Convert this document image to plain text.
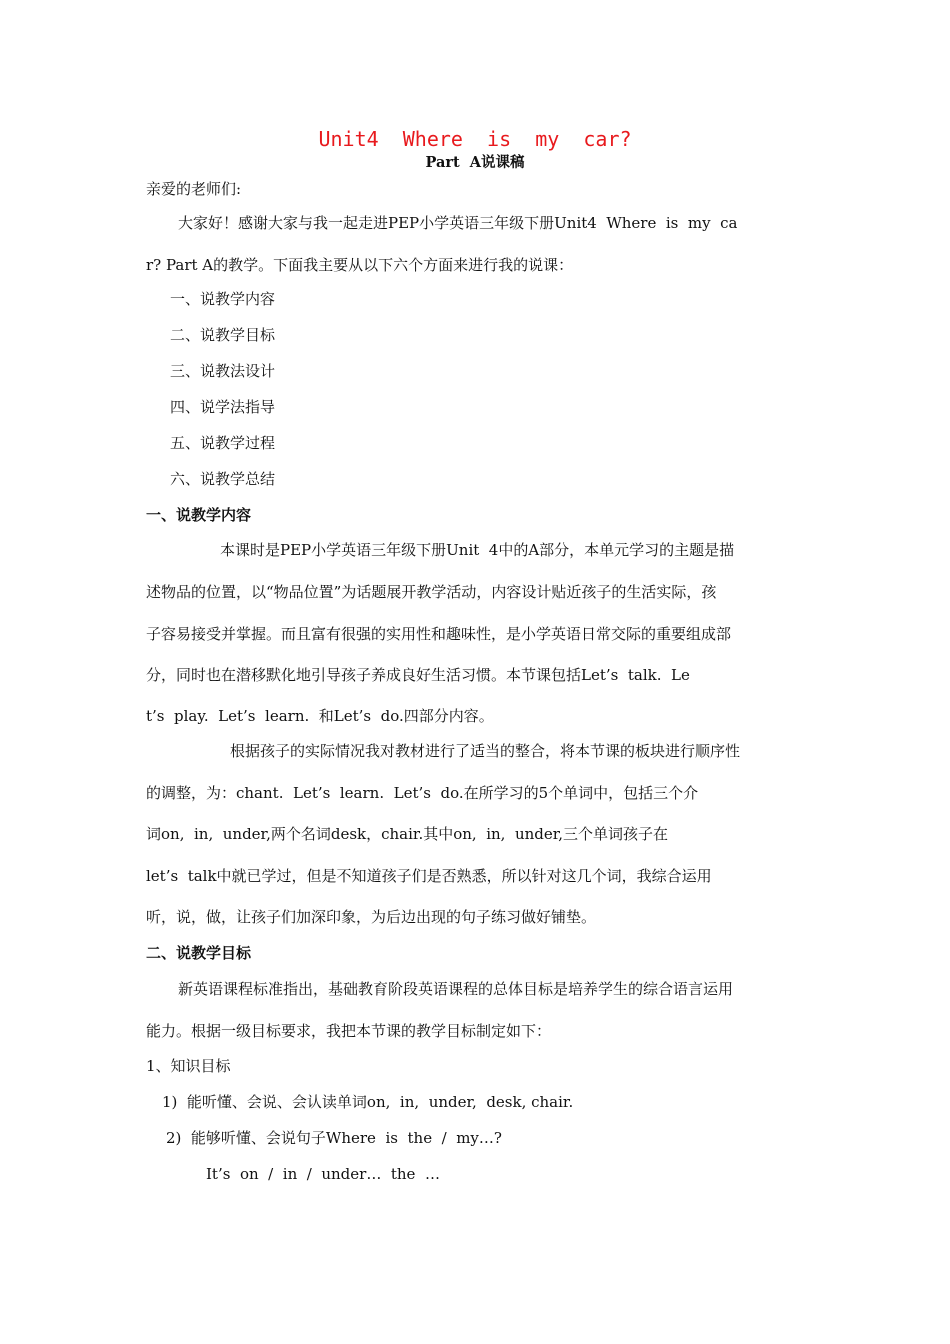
Unit4  Where  is  my  car?
Part  A说课稿
亲爱的老师们:
大家好！感谢大家与我一起走进PEP小学英语三年级下册Unit4  Where  is  my  ca
r? Part A的教学。下面我主要从以下六个方面来进行我的说课：
一、说教学内容
二、说教学目标
三、说教法设计
四、说学法指导
五、说教学过程
六、说教学总结
一、说教学内容
本课时是PEP小学英语三年级下册Unit  4中的A部分，本单元学习的主题是描
述物品的位置，以“物品位置”为话题展开教学活动，内容设计贴近孩子的生活实际，孩
子容易接受并掌握。而且富有很强的实用性和趣味性，是小学英语日常交际的重要组成部
分，同时也在潜移默化地引导孩子养成良好生活习惯。本节课包括Let’s  talk.  Le
t’s  play.  Let’s  learn.  和Let’s  do.四部分内容。
根据孩子的实际情况我对教材进行了适当的整合，将本节课的板块进行顺序性
的调整，为：chant.  Let’s  learn.  Let’s  do.在所学习的5个单词中，包括三个介
词on,  in,  under,两个名词desk，chair.其中on,  in,  under,三个单词孩子在
let’s  talk中就已学过，但是不知道孩子们是否熟悉，所以针对这几个词，我综合运用
听，说，做，让孩子们加深印象，为后边出现的句子练习做好铺垫。
二、说教学目标
新英语课程标准指出，基础教育阶段英语课程的总体目标是培养学生的综合语言运用
能力。根据一级目标要求，我把本节课的教学目标制定如下：
1、知识目标
1)  能听懂、会说、会认读单词on,  in,  under,  desk, chair.
2)  能够听懂、会说句子Where  is  the  /  my…?
It’s  on  /  in  /  under…  the  …
